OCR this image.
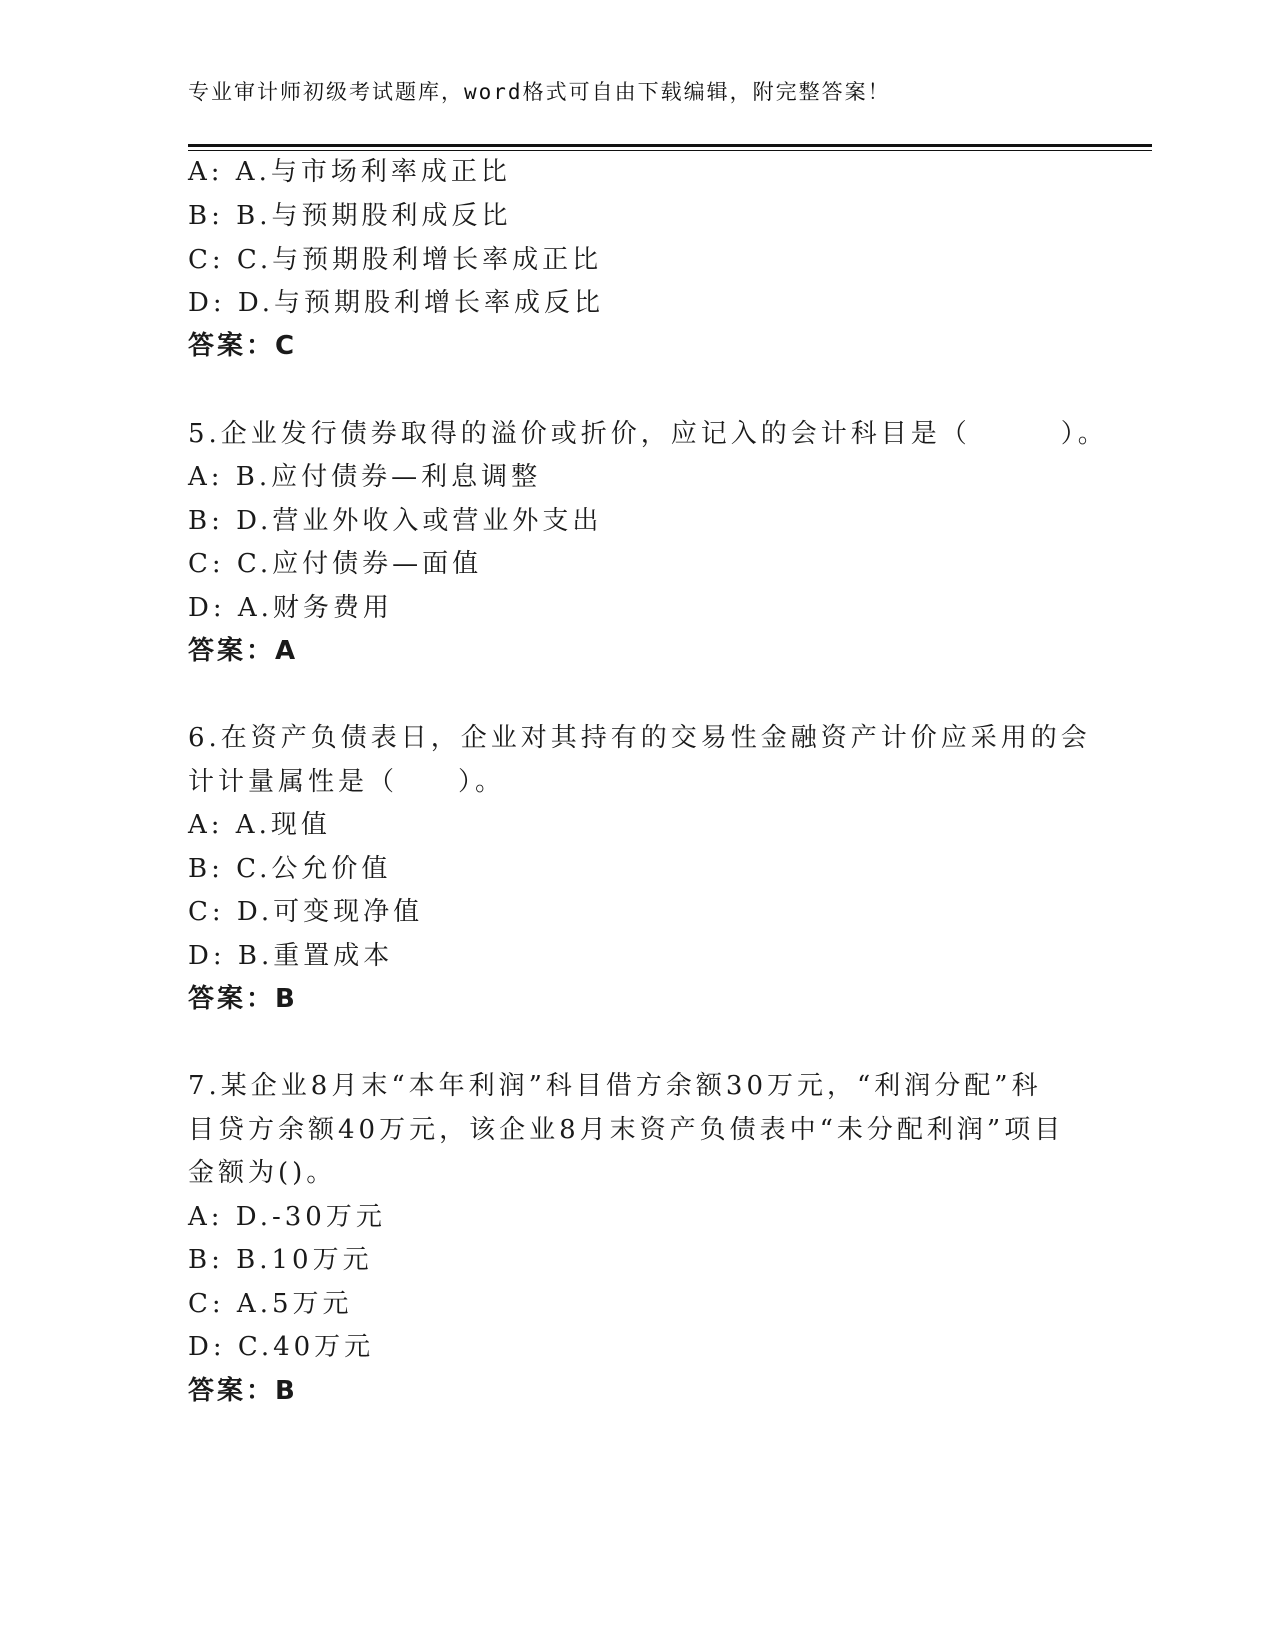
专业审计师初级考试题库，word格式可自由下载编辑，附完整答案！
A: A.与市场利率成正比
B: B.与预期股利成反比
C: C.与预期股利增长率成正比
D: D.与预期股利增长率成反比
答案：C
5.企业发行债券取得的溢价或折价，应记入的会计科目是（　　　）。
A: B.应付债券—利息调整
B: D.营业外收入或营业外支出
C: C.应付债券—面值
D: A.财务费用
答案：A
6.在资产负债表日，企业对其持有的交易性金融资产计价应采用的会
计计量属性是（　　）。
A: A.现值
B: C.公允价值
C: D.可变现净值
D: B.重置成本
答案：B
7.某企业8月末“本年利润”科目借方余额30万元，“利润分配”科
目贷方余额40万元，该企业8月末资产负债表中“未分配利润”项目
金额为()。
A: D.-30万元
B: B.10万元
C: A.5万元
D: C.40万元
答案：B
